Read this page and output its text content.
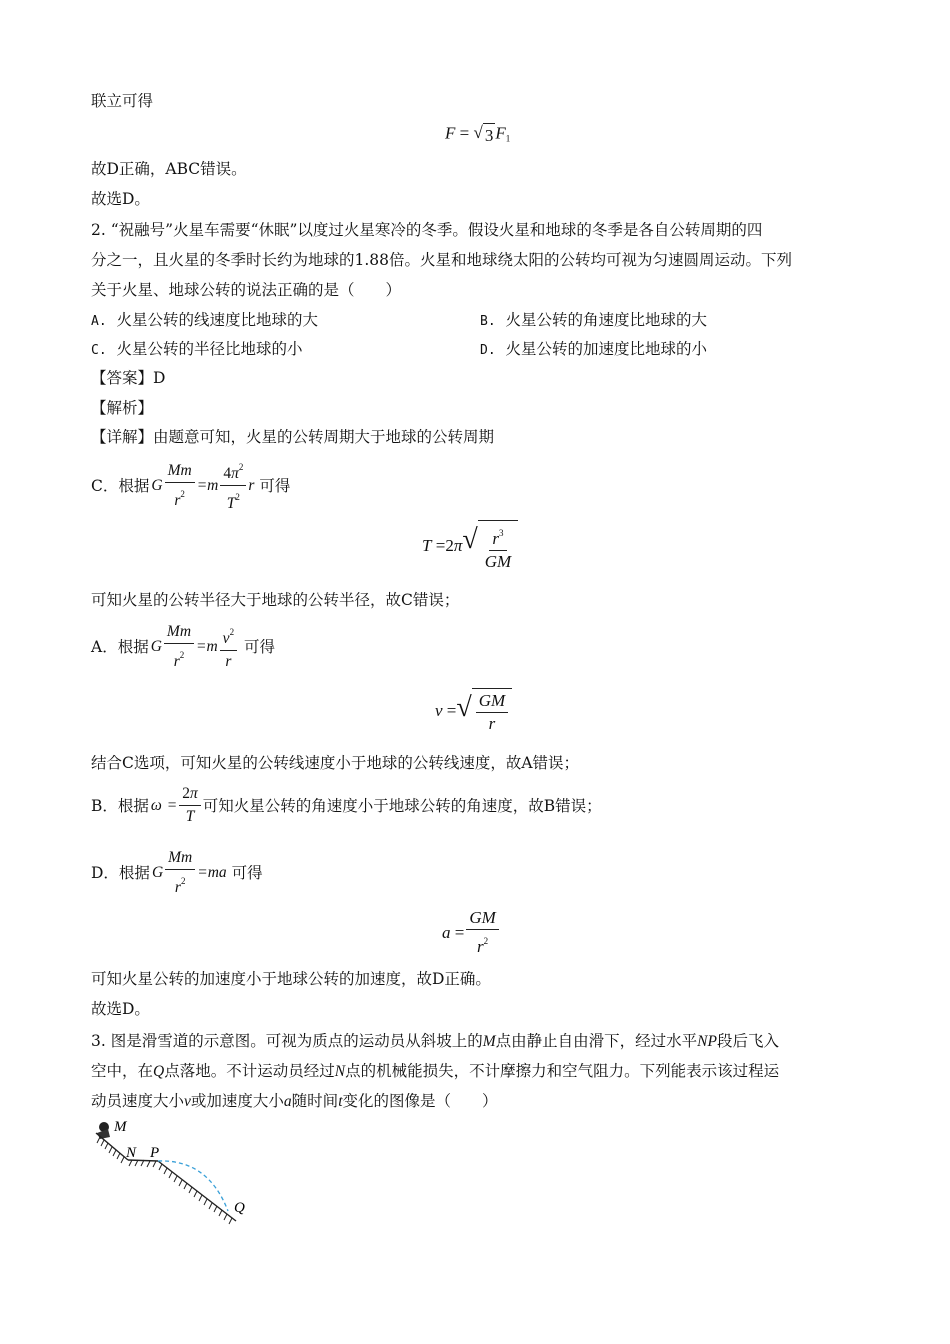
联立可得
F = √ 3 $F_1$
故D正确，ABC错误。
故选D。
2. “祝融号”火星车需要“休眠”以度过火星寒冷的冬季。假设火星和地球的冬季是各自公转周期的四
分之一，且火星的冬季时长约为地球的1.88倍。火星和地球绕太阳的公转均可视为匀速圆周运动。下列
关于火星、地球公转的说法正确的是（　　）
A. 火星公转的线速度比地球的大	B. 火星公转的角速度比地球的大
C. 火星公转的半径比地球的小	D. 火星公转的加速度比地球的小
【答案】D
【解析】
【详解】由题意可知，火星的公转周期大于地球的公转周期
C．根据 G $\frac{Mm}{r^2} =m \frac{4\pi^2}{T^2}$ r
可得
T = 2 π √ $\frac{r^3}{GM}$
可知火星的公转半径大于地球的公转半径，故C错误；
A．根据 G $\frac{Mm}{r^2} =m \frac{v^2}{r}$
可得
v = √ $\frac{GM}{r}$
结合C选项，可知火星的公转线速度小于地球的公转线速度，故A错误；
B．根据 ω
= $\frac{2\pi}{T}$ 可知火星公转的角速度小于地球公转的角速度，故B错误；
D．根据 G $\frac{Mm}{r^2} =ma$
可得
$a = \frac{GM}{r^2}$
可知火星公转的加速度小于地球公转的加速度，故D正确。
故选D。
3. 图是滑雪道的示意图。可视为质点的运动员从斜坡上的M点由静止自由滑下，经过水平NP段后飞入
空中，在Q点落地。不计运动员经过N点的机械能损失，不计摩擦力和空气阻力。下列能表示该过程运
动员速度大小v或加速度大小a随时间t变化的图像是（　　）
M
N P
Q
